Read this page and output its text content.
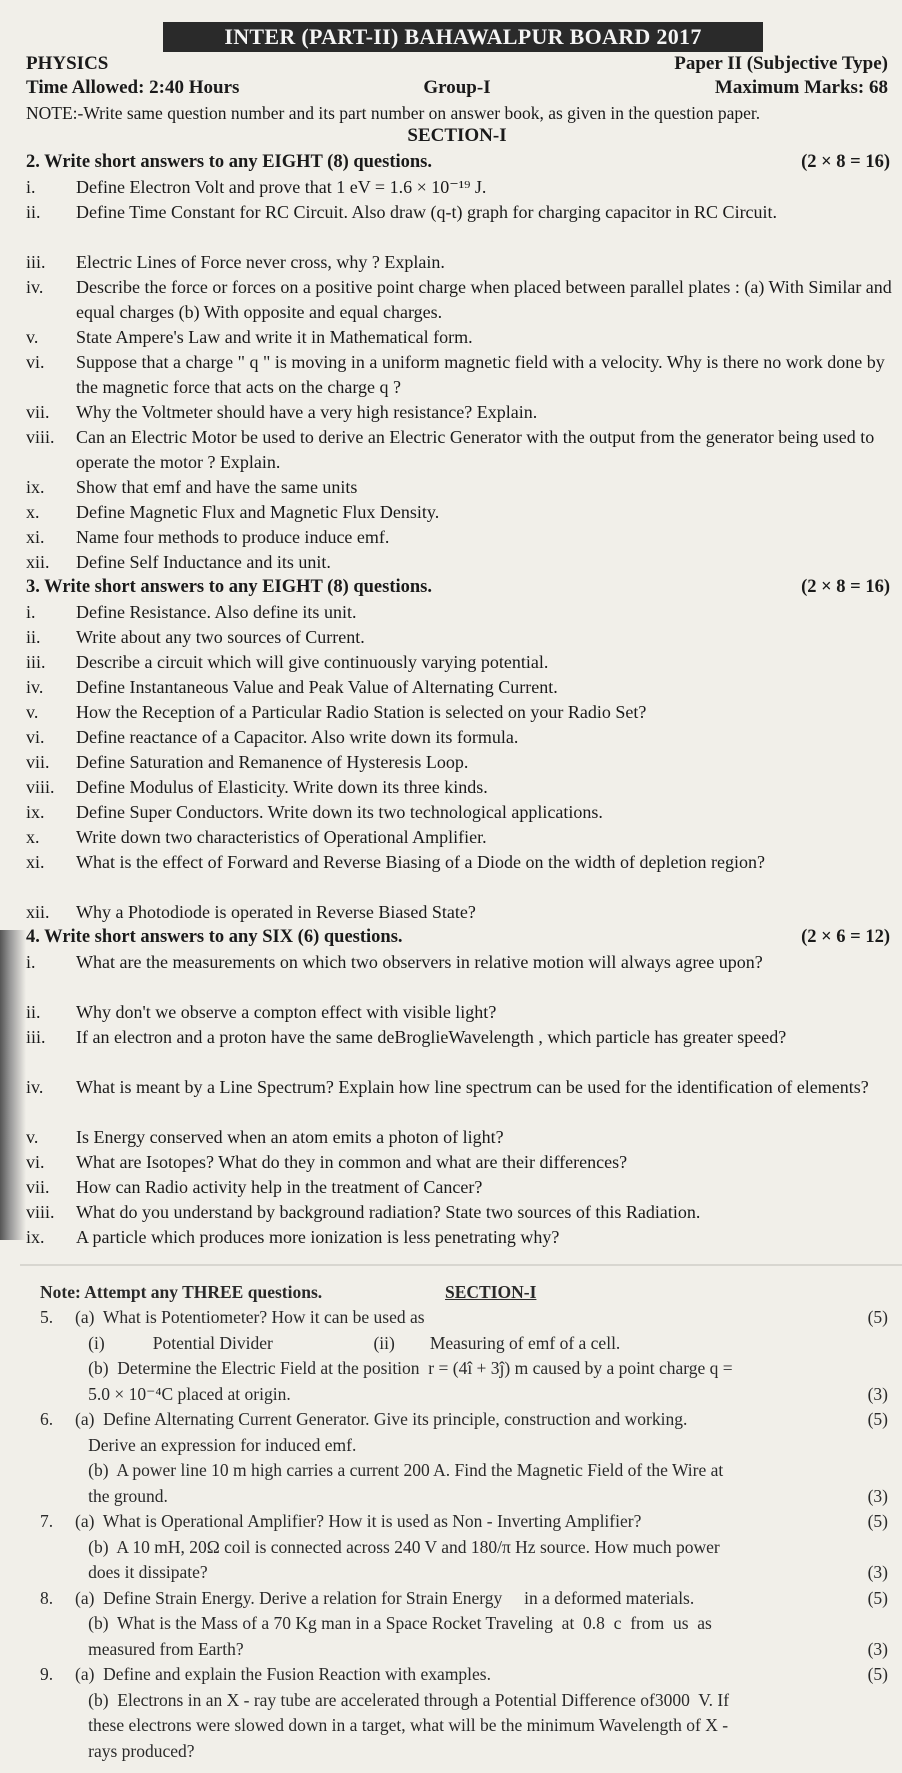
INTER (PART-II) BAHAWALPUR BOARD 2017
PHYSICS	Paper II (Subjective Type)
Time Allowed: 2:40 Hours	Group-I	Maximum Marks: 68
NOTE:-Write same question number and its part number on answer book, as given in the question paper.
SECTION-I
2. Write short answers to any EIGHT (8) questions.	(2 × 8 = 16)
i. Define Electron Volt and prove that 1 eV = 1.6 × 10⁻¹⁹ J.
ii. Define Time Constant for RC Circuit. Also draw (q-t) graph for charging capacitor in RC Circuit.
iii. Electric Lines of Force never cross, why ? Explain.
iv. Describe the force or forces on a positive point charge when placed between parallel plates : (a) With Similar and equal charges (b) With opposite and equal charges.
v. State Ampere's Law and write it in Mathematical form.
vi. Suppose that a charge " q " is moving in a uniform magnetic field with a velocity. Why is there no work done by the magnetic force that acts on the charge q ?
vii. Why the Voltmeter should have a very high resistance? Explain.
viii. Can an Electric Motor be used to derive an Electric Generator with the output from the generator being used to operate the motor ? Explain.
ix. Show that emf and have the same units
x. Define Magnetic Flux and Magnetic Flux Density.
xi. Name four methods to produce induce emf.
xii. Define Self Inductance and its unit.
3. Write short answers to any EIGHT (8) questions.	(2 × 8 = 16)
i. Define Resistance. Also define its unit.
ii. Write about any two sources of Current.
iii. Describe a circuit which will give continuously varying potential.
iv. Define Instantaneous Value and Peak Value of Alternating Current.
v. How the Reception of a Particular Radio Station is selected on your Radio Set?
vi. Define reactance of a Capacitor. Also write down its formula.
vii. Define Saturation and Remanence of Hysteresis Loop.
viii. Define Modulus of Elasticity. Write down its three kinds.
ix. Define Super Conductors. Write down its two technological applications.
x. Write down two characteristics of Operational Amplifier.
xi. What is the effect of Forward and Reverse Biasing of a Diode on the width of depletion region?
xii. Why a Photodiode is operated in Reverse Biased State?
4. Write short answers to any SIX (6) questions.	(2 × 6 = 12)
i. What are the measurements on which two observers in relative motion will always agree upon?
ii. Why don't we observe a compton effect with visible light?
iii. If an electron and a proton have the same deBroglieWavelength , which particle has greater speed?
iv. What is meant by a Line Spectrum? Explain how line spectrum can be used for the identification of elements?
v. Is Energy conserved when an atom emits a photon of light?
vi. What are Isotopes? What do they in common and what are their differences?
vii. How can Radio activity help in the treatment of Cancer?
viii. What do you understand by background radiation? State two sources of this Radiation.
ix. A particle which produces more ionization is less penetrating why?
Note: Attempt any THREE questions.	SECTION-I
5.     (a)  What is Potentiometer? How it can be used as	(5)
(i)           Potential Divider                       (ii)        Measuring of emf of a cell.
(b)  Determine the Electric Field at the position  r = (4î + 3ĵ) m caused by a point charge q =
5.0 × 10⁻⁴C placed at origin.	(3)
6.     (a)  Define Alternating Current Generator. Give its principle, construction and working.	(5)
Derive an expression for induced emf.
(b)  A power line 10 m high carries a current 200 A. Find the Magnetic Field of the Wire at
the ground.	(3)
7.     (a)  What is Operational Amplifier? How it is used as Non - Inverting Amplifier?	(5)
(b)  A 10 mH, 20Ω coil is connected across 240 V and 180/π Hz source. How much power
does it dissipate?	(3)
8.     (a)  Define Strain Energy. Derive a relation for Strain Energy     in a deformed materials.	(5)
(b)  What is the Mass of a 70 Kg man in a Space Rocket Traveling  at  0.8  c  from  us  as
measured from Earth?	(3)
9.     (a)  Define and explain the Fusion Reaction with examples.	(5)
(b)  Electrons in an X - ray tube are accelerated through a Potential Difference of3000  V. If
these electrons were slowed down in a target, what will be the minimum Wavelength of X -
rays produced?
